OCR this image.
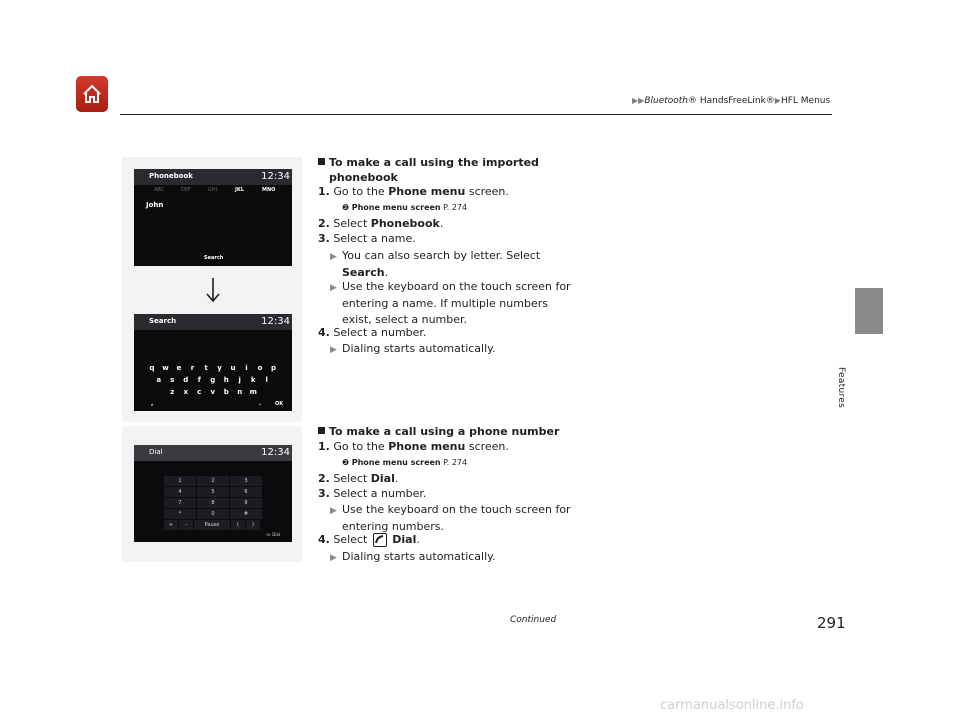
▶▶Bluetooth® HandsFreeLink®▶HFL Menus
Features
Phonebook	12:34
ABC	DEF	GHI	JKL	MNO
John
Search
Search	12:34
q w e r t y u i o p
a s d f g h j k l
z x c v b n m
,	.	OK
Dial	12:34
1	2	3
4	5	6
7	8	9
*	0	#
+	-	Pause	(	)
☏ Dial
To make a call using the imported
phonebook
1. Go to the Phone menu screen.
❷ Phone menu screen P. 274
2. Select Phonebook.
3. Select a name.
▶ You can also search by letter. Select
Search.
▶ Use the keyboard on the touch screen for
entering a name. If multiple numbers
exist, select a number.
4. Select a number.
▶ Dialing starts automatically.
To make a call using a phone number
1. Go to the Phone menu screen.
❷ Phone menu screen P. 274
2. Select Dial.
3. Select a number.
▶ Use the keyboard on the touch screen for
entering numbers.
4. Select  Dial.
▶ Dialing starts automatically.
Continued	291
carmanualsonline.info
